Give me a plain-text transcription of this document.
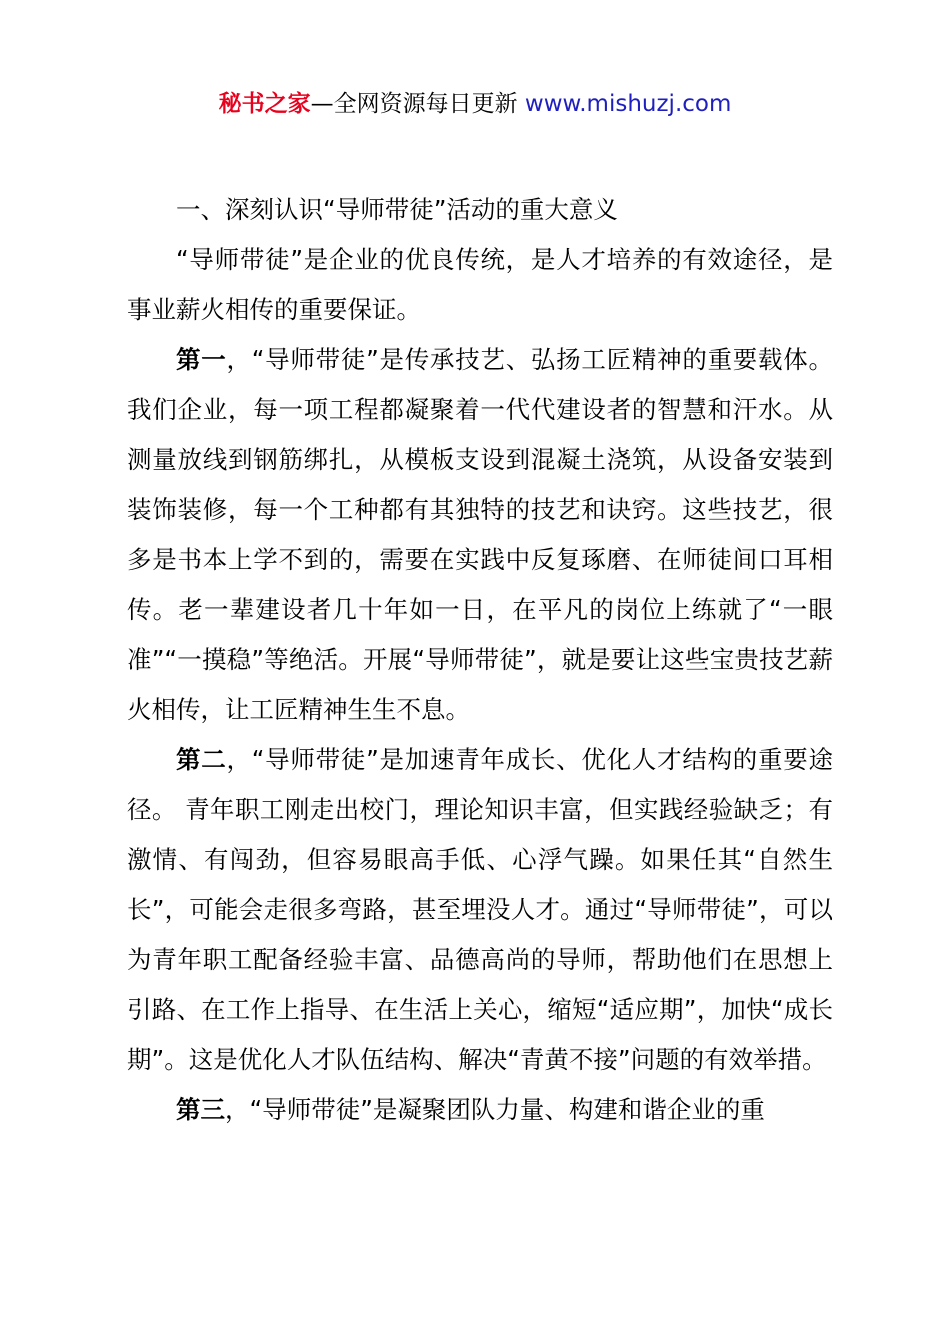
秘书之家—全网资源每日更新 www.mishuzj.com

一、深刻认识“导师带徒”活动的重大意义

“导师带徒”是企业的优良传统，是人才培养的有效途径，是事业薪火相传的重要保证。

第一，“导师带徒”是传承技艺、弘扬工匠精神的重要载体。 我们企业，每一项工程都凝聚着一代代建设者的智慧和汗水。从测量放线到钢筋绑扎，从模板支设到混凝土浇筑，从设备安装到装饰装修，每一个工种都有其独特的技艺和诀窍。这些技艺，很多是书本上学不到的，需要在实践中反复琢磨、在师徒间口耳相传。老一辈建设者几十年如一日，在平凡的岗位上练就了“一眼准”“一摸稳”等绝活。开展“导师带徒”，就是要让这些宝贵技艺薪火相传，让工匠精神生生不息。

第二，“导师带徒”是加速青年成长、优化人才结构的重要途径。 青年职工刚走出校门，理论知识丰富，但实践经验缺乏；有激情、有闯劲，但容易眼高手低、心浮气躁。如果任其“自然生长”，可能会走很多弯路，甚至埋没人才。通过“导师带徒”，可以为青年职工配备经验丰富、品德高尚的导师，帮助他们在思想上引路、在工作上指导、在生活上关心，缩短“适应期”，加快“成长期”。这是优化人才队伍结构、解决“青黄不接”问题的有效举措。

第三，“导师带徒”是凝聚团队力量、构建和谐企业的重
